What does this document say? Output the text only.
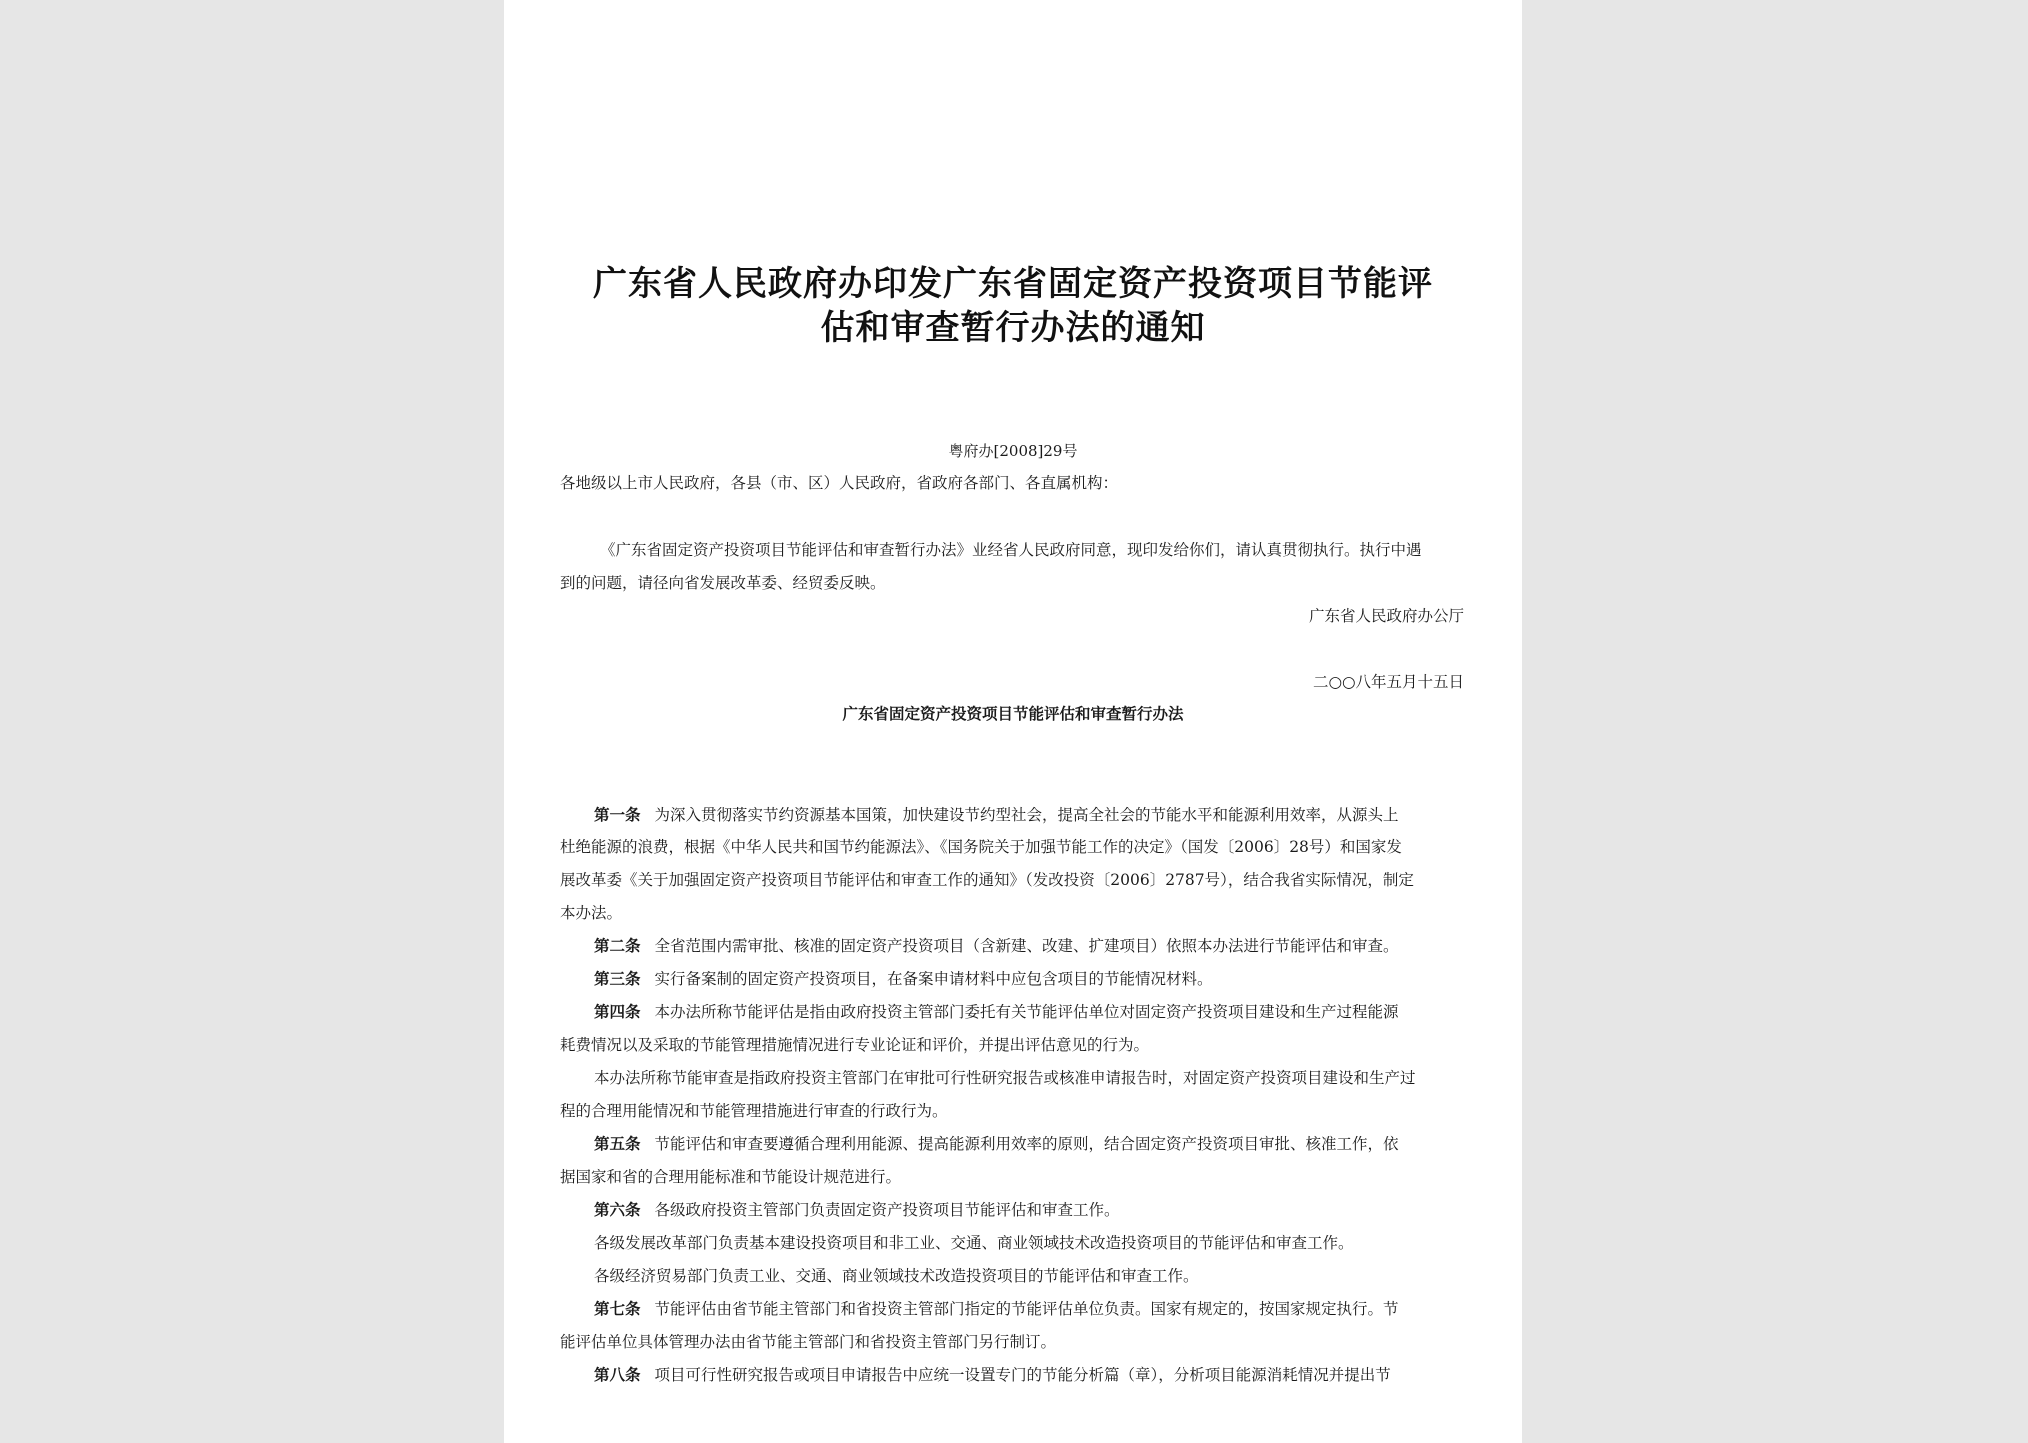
广东省人民政府办印发广东省固定资产投资项目节能评
估和审查暂行办法的通知
粤府办[2008]29号
各地级以上市人民政府，各县（市、区）人民政府，省政府各部门、各直属机构：
《广东省固定资产投资项目节能评估和审查暂行办法》业经省人民政府同意，现印发给你们，请认真贯彻执行。执行中遇
到的问题，请径向省发展改革委、经贸委反映。
广东省人民政府办公厅
二○○八年五月十五日
广东省固定资产投资项目节能评估和审查暂行办法
第一条 为深入贯彻落实节约资源基本国策，加快建设节约型社会，提高全社会的节能水平和能源利用效率，从源头上
杜绝能源的浪费，根据《中华人民共和国节约能源法》、《国务院关于加强节能工作的决定》（国发〔2006〕28号）和国家发
展改革委《关于加强固定资产投资项目节能评估和审查工作的通知》（发改投资〔2006〕2787号），结合我省实际情况，制定
本办法。
第二条 全省范围内需审批、核准的固定资产投资项目（含新建、改建、扩建项目）依照本办法进行节能评估和审查。
第三条 实行备案制的固定资产投资项目，在备案申请材料中应包含项目的节能情况材料。
第四条 本办法所称节能评估是指由政府投资主管部门委托有关节能评估单位对固定资产投资项目建设和生产过程能源
耗费情况以及采取的节能管理措施情况进行专业论证和评价，并提出评估意见的行为。
本办法所称节能审查是指政府投资主管部门在审批可行性研究报告或核准申请报告时，对固定资产投资项目建设和生产过
程的合理用能情况和节能管理措施进行审查的行政行为。
第五条 节能评估和审查要遵循合理利用能源、提高能源利用效率的原则，结合固定资产投资项目审批、核准工作，依
据国家和省的合理用能标准和节能设计规范进行。
第六条 各级政府投资主管部门负责固定资产投资项目节能评估和审查工作。
各级发展改革部门负责基本建设投资项目和非工业、交通、商业领域技术改造投资项目的节能评估和审查工作。
各级经济贸易部门负责工业、交通、商业领域技术改造投资项目的节能评估和审查工作。
第七条 节能评估由省节能主管部门和省投资主管部门指定的节能评估单位负责。国家有规定的，按国家规定执行。节
能评估单位具体管理办法由省节能主管部门和省投资主管部门另行制订。
第八条 项目可行性研究报告或项目申请报告中应统一设置专门的节能分析篇（章），分析项目能源消耗情况并提出节
